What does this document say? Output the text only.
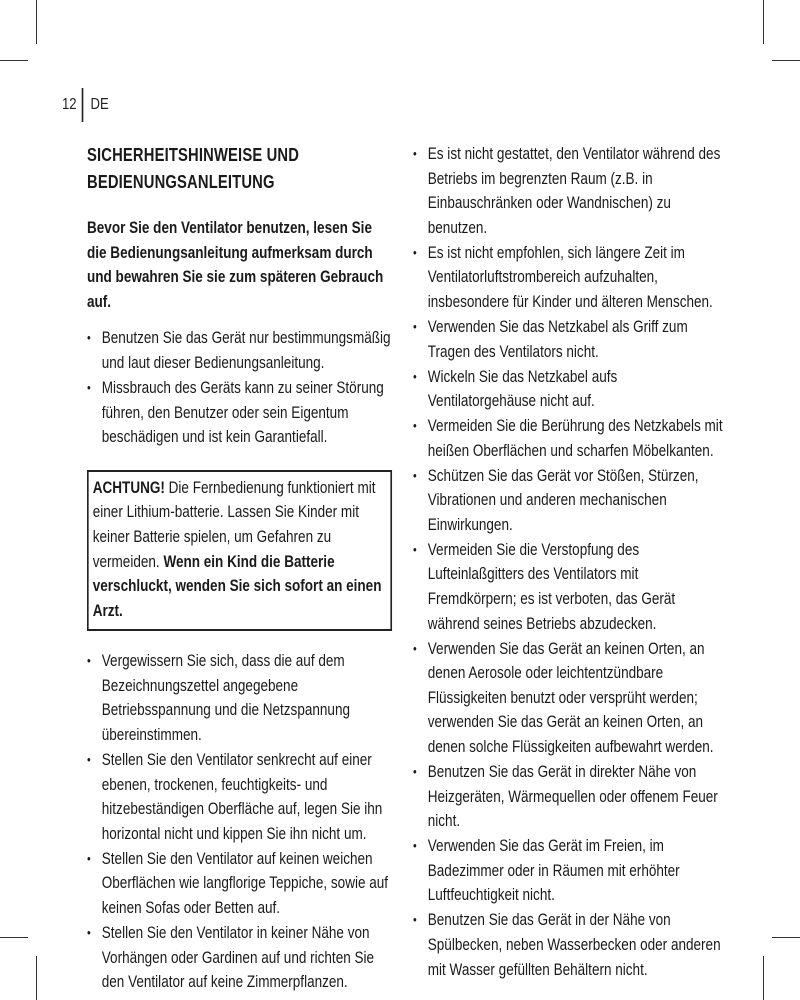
12 DE
SICHERHEITSHINWEISE UND
BEDIENUNGSANLEITUNG

Bevor Sie den Ventilator benutzen, lesen Sie die Bedienungsanleitung aufmerksam durch und bewahren Sie sie zum späteren Gebrauch auf.

• Benutzen Sie das Gerät nur bestimmungsmäßig und laut dieser Bedienungsanleitung.
• Missbrauch des Geräts kann zu seiner Störung führen, den Benutzer oder sein Eigentum beschädigen und ist kein Garantiefall.
ACHTUNG! Die Fernbedienung funktioniert mit einer Lithium-batterie. Lassen Sie Kinder mit keiner Batterie spielen, um Gefahren zu vermeiden. Wenn ein Kind die Batterie verschluckt, wenden Sie sich sofort an einen Arzt.
• Vergewissern Sie sich, dass die auf dem Bezeichnungszettel angegebene Betriebsspannung und die Netzspannung übereinstimmen.
• Stellen Sie den Ventilator senkrecht auf einer ebenen, trockenen, feuchtigkeits- und hitzebeständigen Oberfläche auf, legen Sie ihn horizontal nicht und kippen Sie ihn nicht um.
• Stellen Sie den Ventilator auf keinen weichen Oberflächen wie langflorige Teppiche, sowie auf keinen Sofas oder Betten auf.
• Stellen Sie den Ventilator in keiner Nähe von Vorhängen oder Gardinen auf und richten Sie den Ventilator auf keine Zimmerpflanzen.
• Es ist nicht gestattet, den Ventilator während des Betriebs im begrenzten Raum (z.B. in Einbauschränken oder Wandnischen) zu benutzen.
• Es ist nicht empfohlen, sich längere Zeit im Ventilatorluftstrombereich aufzuhalten, insbesondere für Kinder und älteren Menschen.
• Verwenden Sie das Netzkabel als Griff zum Tragen des Ventilators nicht.
• Wickeln Sie das Netzkabel aufs Ventilatorgehäuse nicht auf.
• Vermeiden Sie die Berührung des Netzkabels mit heißen Oberflächen und scharfen Möbelkanten.
• Schützen Sie das Gerät vor Stößen, Stürzen, Vibrationen und anderen mechanischen Einwirkungen.
• Vermeiden Sie die Verstopfung des Lufteinlaßgitters des Ventilators mit Fremdkörpern; es ist verboten, das Gerät während seines Betriebs abzudecken.
• Verwenden Sie das Gerät an keinen Orten, an denen Aerosole oder leichtentzündbare Flüssigkeiten benutzt oder versprüht werden; verwenden Sie das Gerät an keinen Orten, an denen solche Flüssigkeiten aufbewahrt werden.
• Benutzen Sie das Gerät in direkter Nähe von Heizgeräten, Wärmequellen oder offenem Feuer nicht.
• Verwenden Sie das Gerät im Freien, im Badezimmer oder in Räumen mit erhöhter Luftfeuchtigkeit nicht.
• Benutzen Sie das Gerät in der Nähe von Spülbecken, neben Wasserbecken oder anderen mit Wasser gefüllten Behältern nicht.
